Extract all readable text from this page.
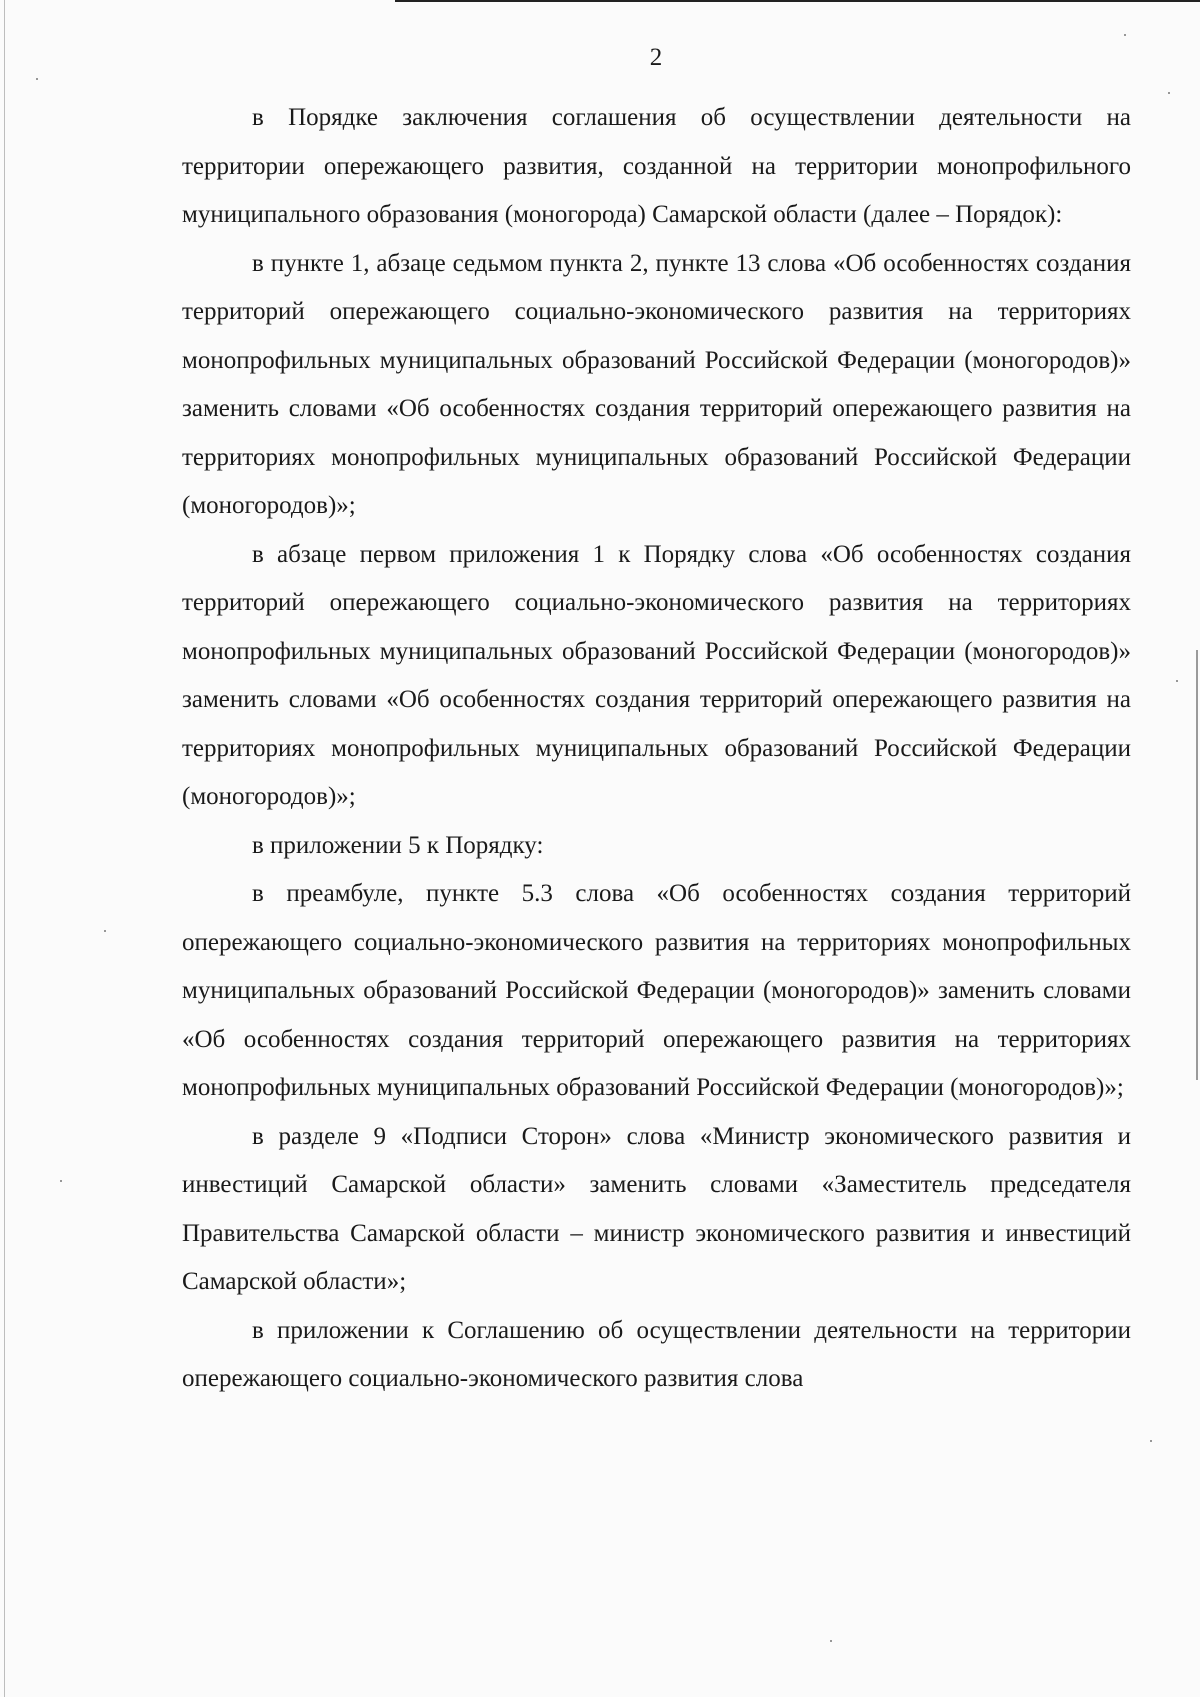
2

в Порядке заключения соглашения об осуществлении деятельности на территории опережающего развития, созданной на территории монопрофильного муниципального образования (моногорода) Самарской области (далее – Порядок):

в пункте 1, абзаце седьмом пункта 2, пункте 13 слова «Об особенностях создания территорий опережающего социально-экономического развития на территориях монопрофильных муниципальных образований Российской Федерации (моногородов)» заменить словами «Об особенностях создания территорий опережающего развития на территориях монопрофильных муниципальных образований Российской Федерации (моногородов)»;

в абзаце первом приложения 1 к Порядку слова «Об особенностях создания территорий опережающего социально-экономического развития на территориях монопрофильных муниципальных образований Российской Федерации (моногородов)» заменить словами «Об особенностях создания территорий опережающего развития на территориях монопрофильных муниципальных образований Российской Федерации (моногородов)»;

в приложении 5 к Порядку:

в преамбуле, пункте 5.3 слова «Об особенностях создания территорий опережающего социально-экономического развития на территориях монопрофильных муниципальных образований Российской Федерации (моногородов)» заменить словами «Об особенностях создания территорий опережающего развития на территориях монопрофильных муниципальных образований Российской Федерации (моногородов)»;

в разделе 9 «Подписи Сторон» слова «Министр экономического развития и инвестиций Самарской области» заменить словами «Заместитель председателя Правительства Самарской области – министр экономического развития и инвестиций Самарской области»;

в приложении к Соглашению об осуществлении деятельности на территории опережающего социально-экономического развития слова
